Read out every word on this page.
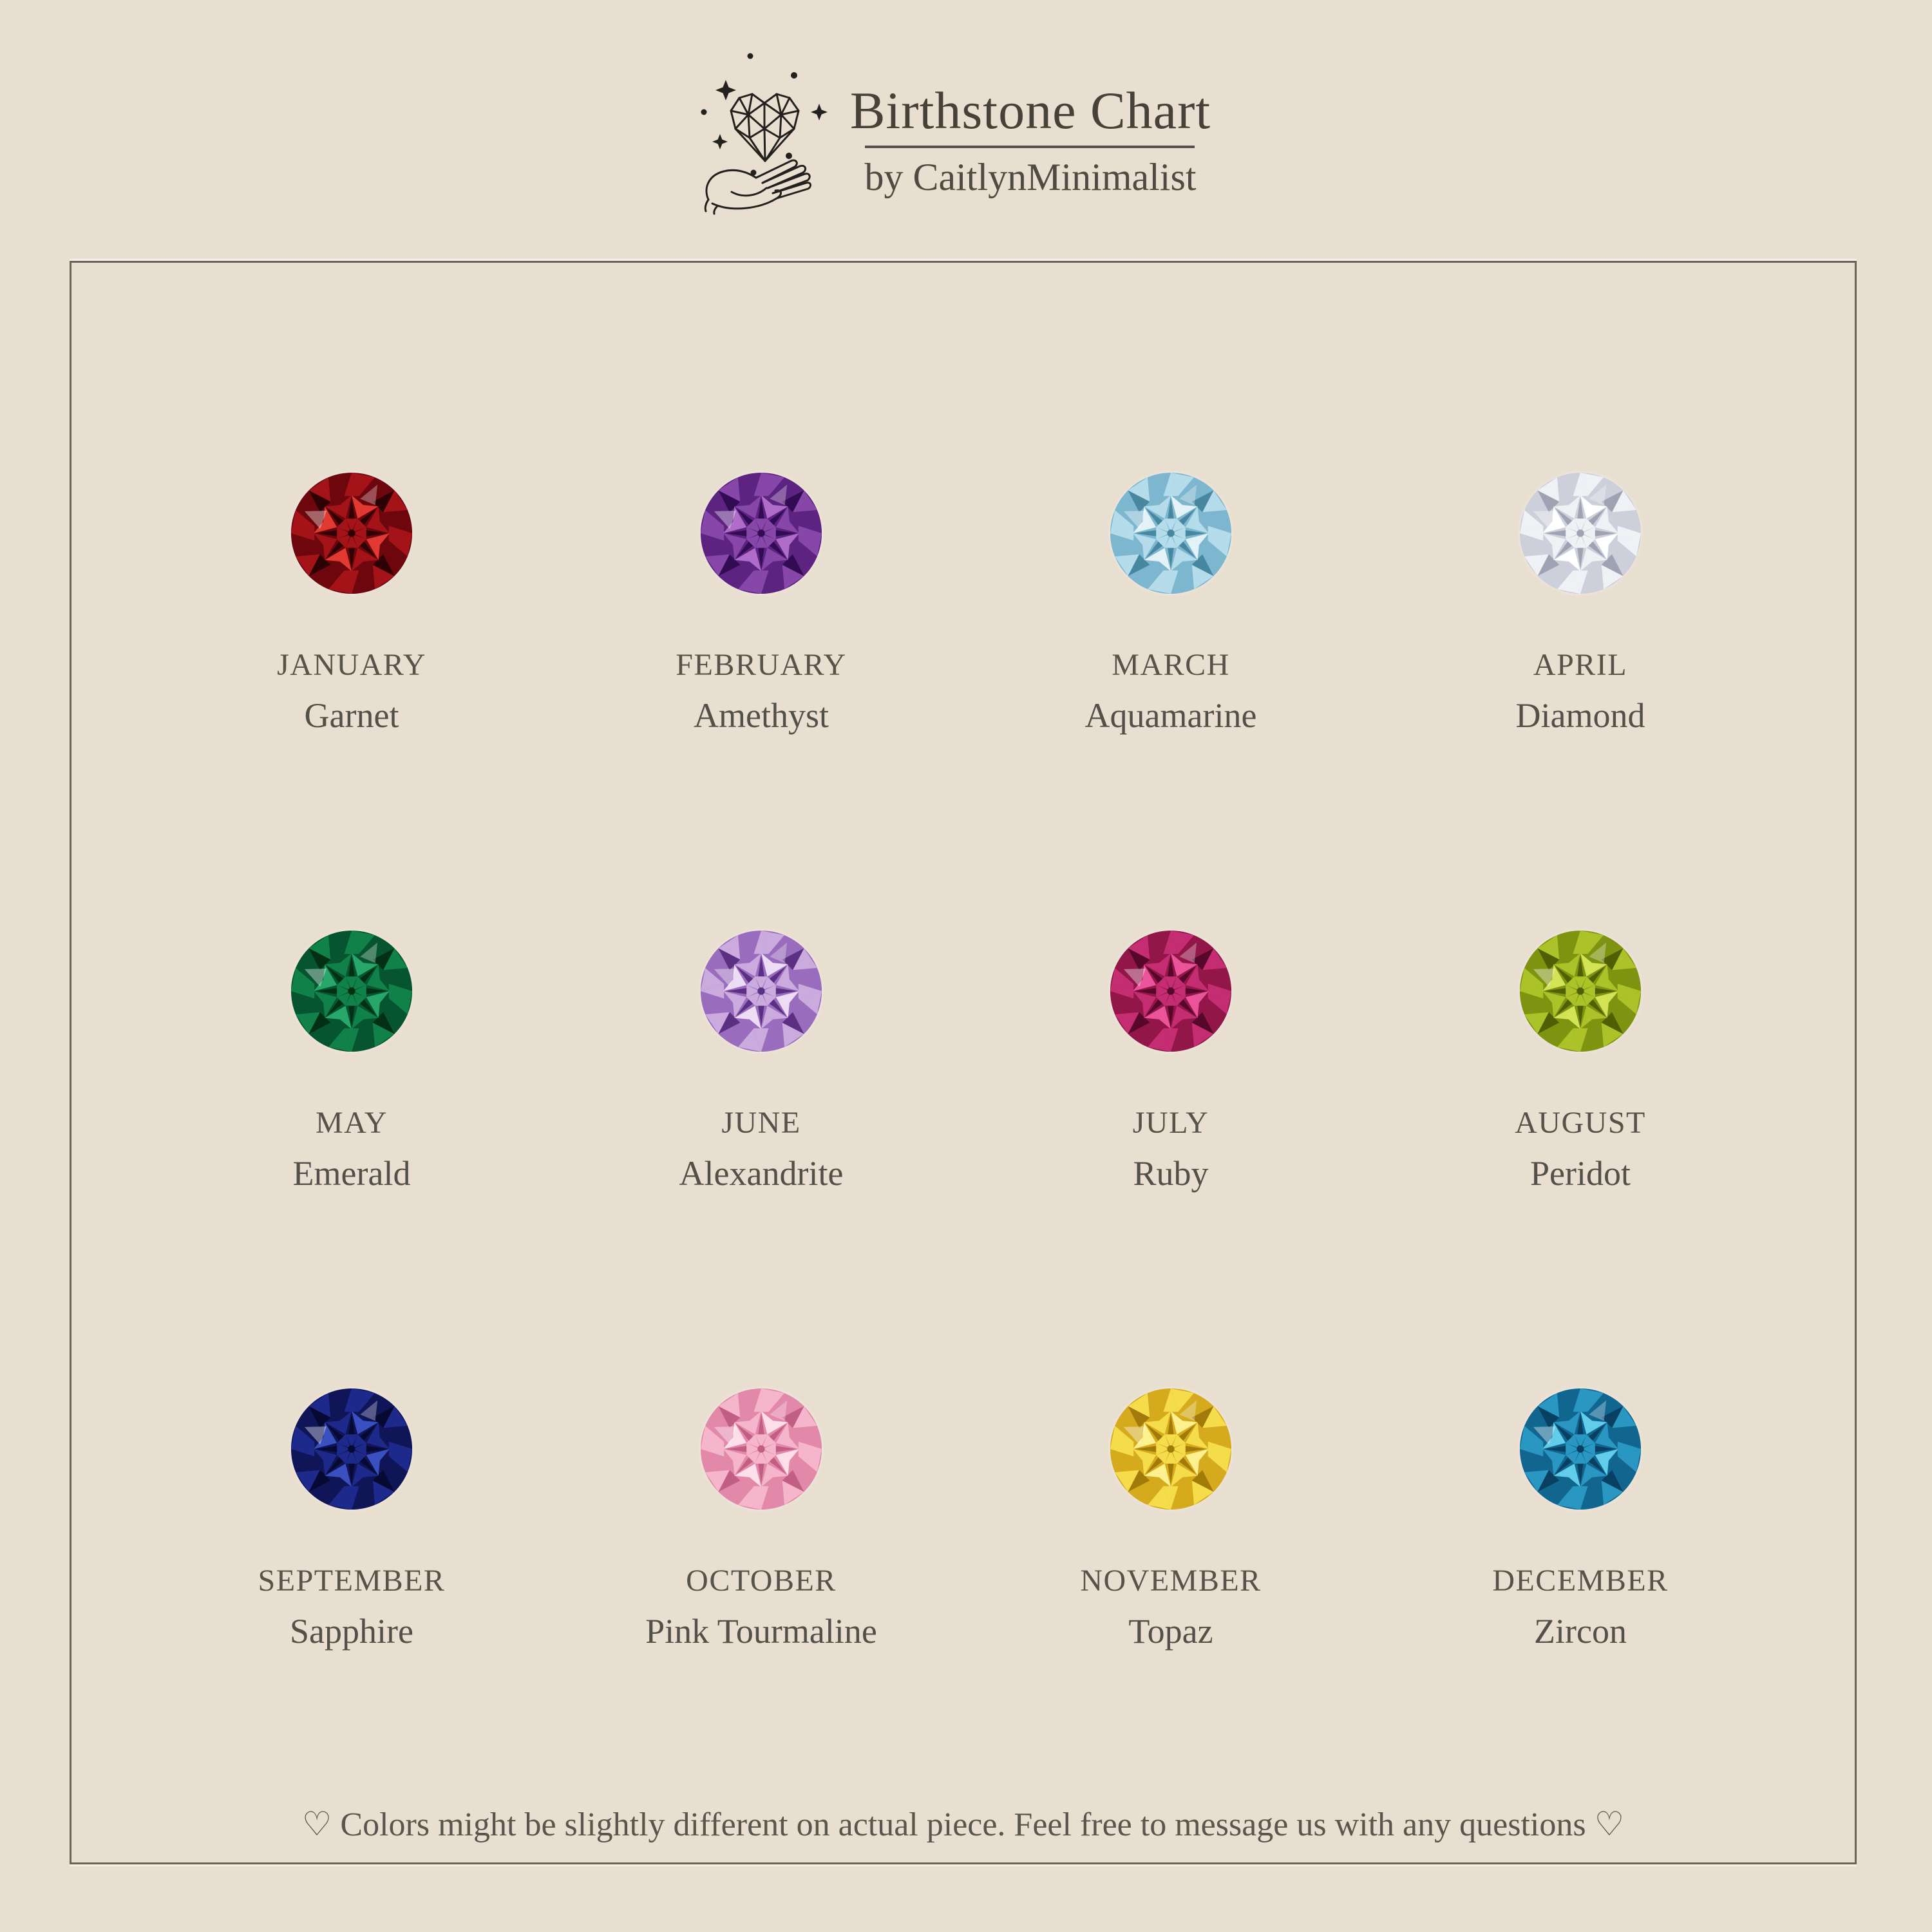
Birthstone Chart
by CaitlynMinimalist
JANUARY
Garnet
FEBRUARY
Amethyst
MARCH
Aquamarine
APRIL
Diamond
MAY
Emerald
JUNE
Alexandrite
JULY
Ruby
AUGUST
Peridot
SEPTEMBER
Sapphire
OCTOBER
Pink Tourmaline
NOVEMBER
Topaz
DECEMBER
Zircon
♡ Colors might be slightly different on actual piece. Feel free to message us with any questions ♡
